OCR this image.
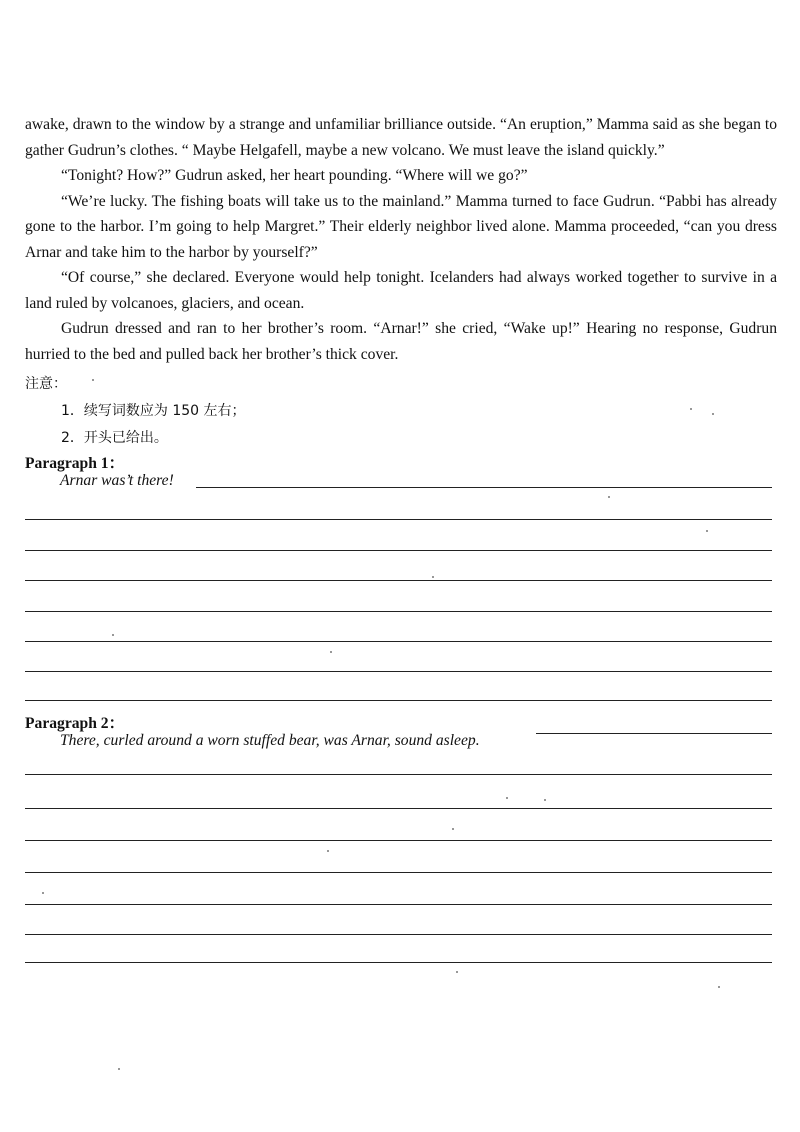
awake, drawn to the window by a strange and unfamiliar brilliance outside. “An eruption,” Mamma said as she began to gather Gudrun’s clothes. “ Maybe Helgafell, maybe a new volcano. We must leave the island quickly.”

“Tonight? How?” Gudrun asked, her heart pounding. “Where will we go?”

“We’re lucky. The fishing boats will take us to the mainland.” Mamma turned to face Gudrun. “Pabbi has already gone to the harbor. I’m going to help Margret.” Their elderly neighbor lived alone. Mamma proceeded, “can you dress Arnar and take him to the harbor by yourself?”

“Of course,” she declared. Everyone would help tonight. Icelanders had always worked together to survive in a land ruled by volcanoes, glaciers, and ocean.

Gudrun dressed and ran to her brother’s room. “Arnar!” she cried, “Wake up!” Hearing no response, Gudrun hurried to the bed and pulled back her brother’s thick cover.

注意：
1．续写词数应为 150 左右；
2．开头已给出。
Paragraph 1：
Arnar was’t there!
Paragraph 2：
There, curled around a worn stuffed bear, was Arnar, sound asleep.
